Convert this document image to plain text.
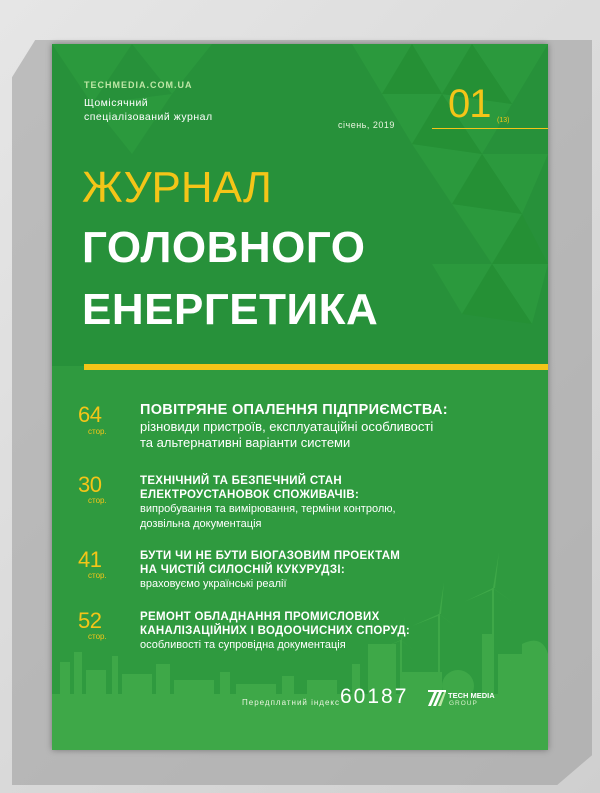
TECHMEDIA.COM.UA
Щомісячний
спеціалізований журнал
січень, 2019 01 (13)
ЖУРНАЛ
ГОЛОВНОГО
ЕНЕРГЕТИКА
64
стор.
ПОВІТРЯНЕ ОПАЛЕННЯ ПІДПРИЄМСТВА:
різновиди пристроїв, експлуатаційні особливості
та альтернативні варіанти системи
30
стор.
ТЕХНІЧНИЙ ТА БЕЗПЕЧНИЙ СТАН
ЕЛЕКТРОУСТАНОВОК СПОЖИВАЧІВ:
випробування та вимірювання, терміни контролю,
дозвільна документація
41
стор.
БУТИ ЧИ НЕ БУТИ БІОГАЗОВИМ ПРОЕКТАМ
НА ЧИСТІЙ СИЛОСНІЙ КУКУРУДЗІ:
враховуємо українські реалії
52
стор.
РЕМОНТ ОБЛАДНАННЯ ПРОМИСЛОВИХ
КАНАЛІЗАЦІЙНИХ І ВОДООЧИСНИХ СПОРУД:
особливості та супровідна документація
Передплатний індекс 60187	TECH MEDIA
GROUP
